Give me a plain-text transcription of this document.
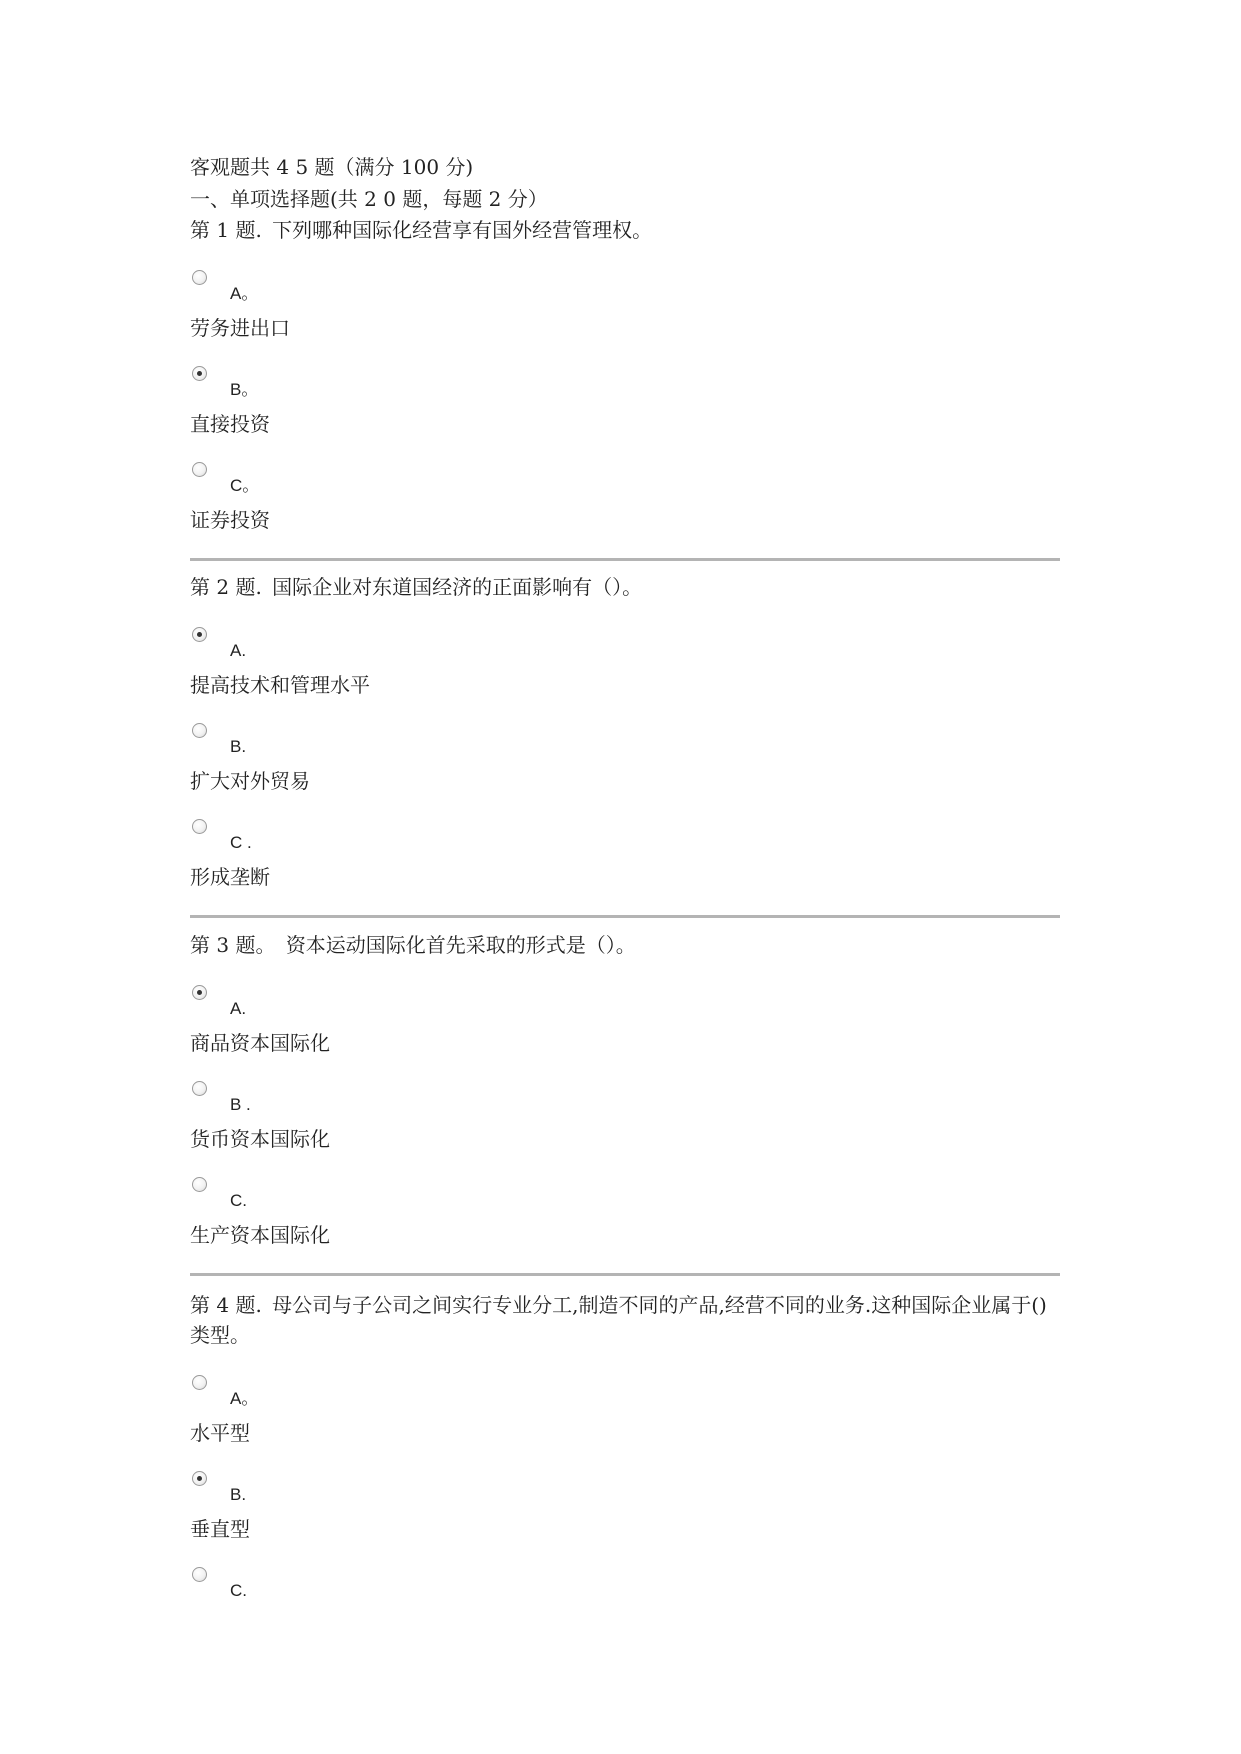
客观题共 4 5 题（满分 100 分)
一、单项选择题(共 2 0 题，每题 2 分）

第 1 题. 下列哪种国际化经营享有国外经营管理权。

A。
劳务进出口
B。
直接投资
C。
证券投资

第 2 题. 国际企业对东道国经济的正面影响有（）。

A.
提高技术和管理水平
B.
扩大对外贸易
C .
形成垄断

第 3 题。 资本运动国际化首先采取的形式是（）。

A.
商品资本国际化
B .
货币资本国际化
C.
生产资本国际化

第 4 题. 母公司与子公司之间实行专业分工,制造不同的产品,经营不同的业务.这种国际企业属于()类型。

A。
水平型
B.
垂直型
C.
